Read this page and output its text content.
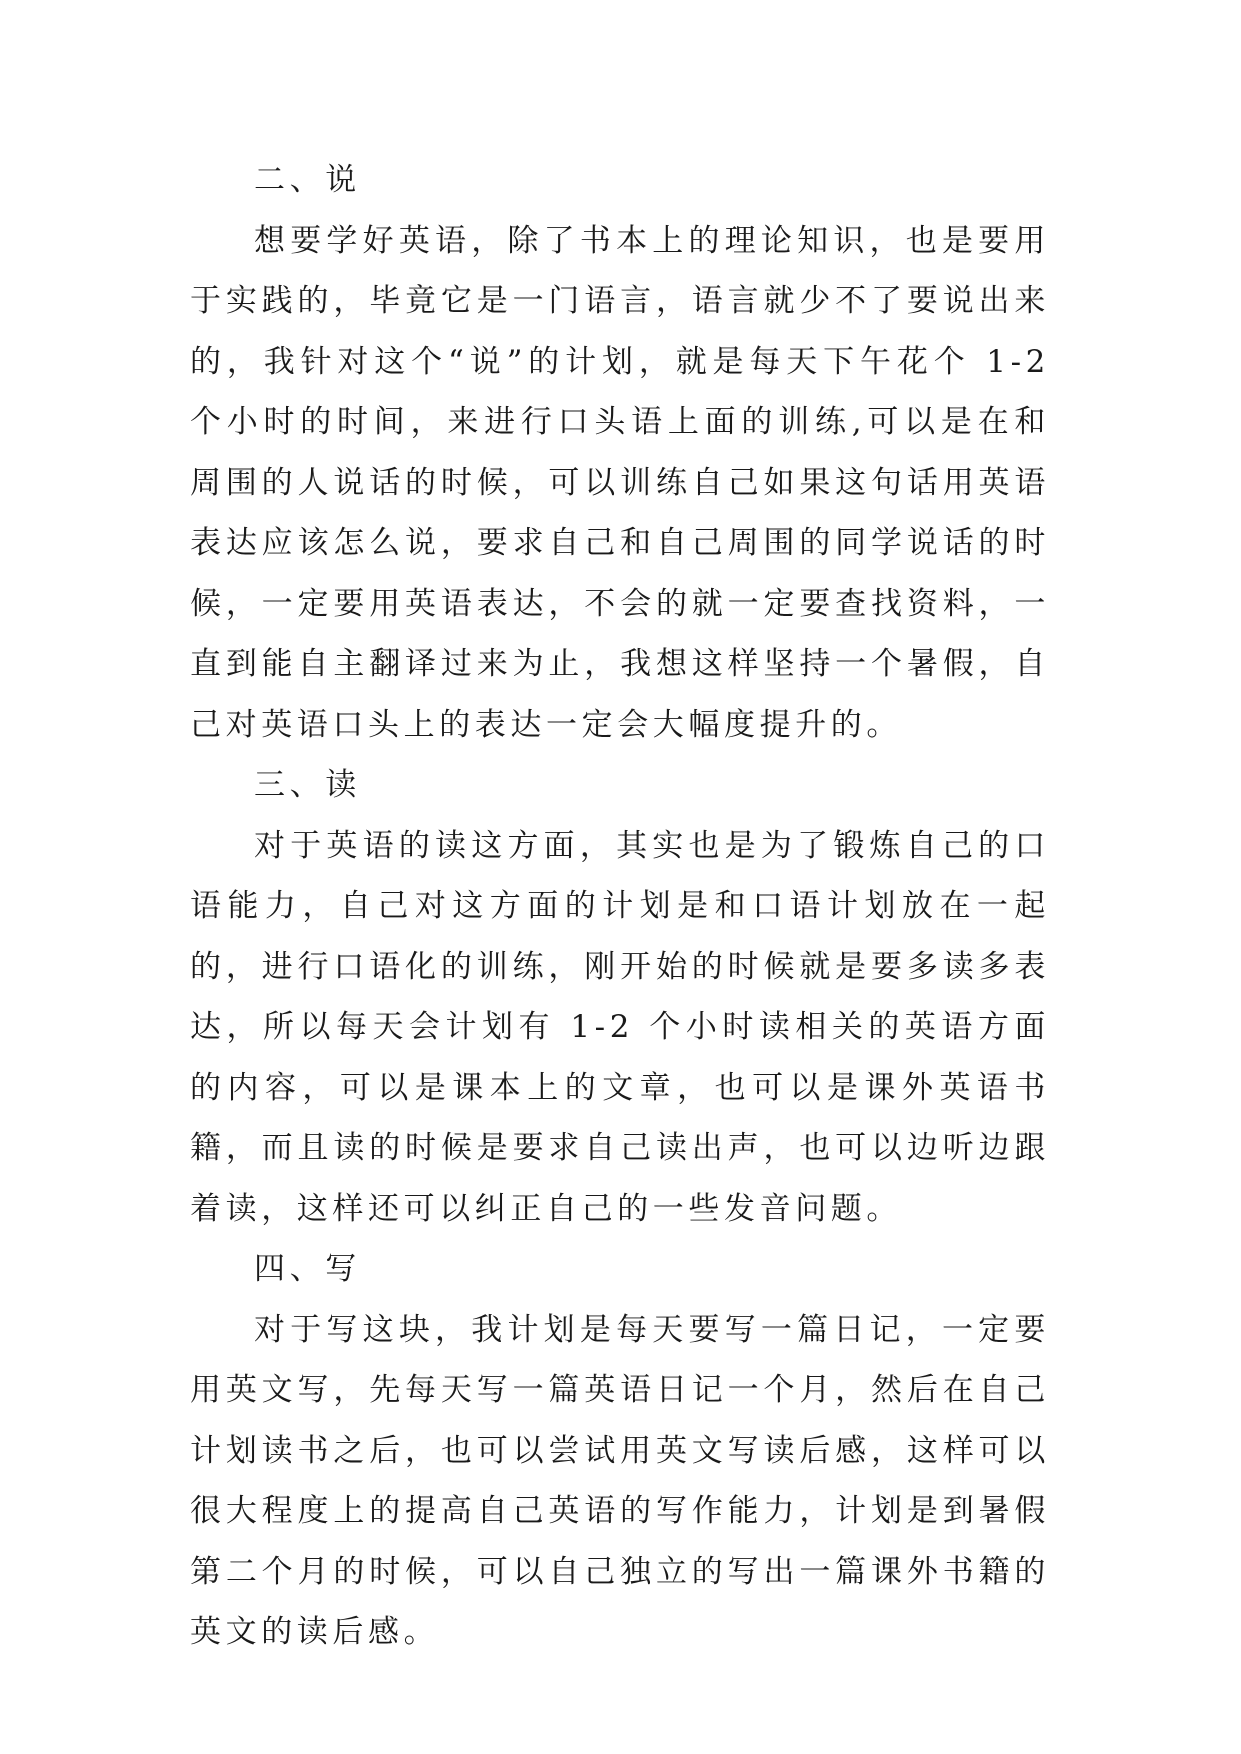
二、说

想要学好英语，除了书本上的理论知识，也是要用于实践的，毕竟它是一门语言，语言就少不了要说出来的，我针对这个“说”的计划，就是每天下午花个 1-2 个小时的时间，来进行口头语上面的训练,可以是在和周围的人说话的时候，可以训练自己如果这句话用英语表达应该怎么说，要求自己和自己周围的同学说话的时候，一定要用英语表达，不会的就一定要查找资料，一直到能自主翻译过来为止，我想这样坚持一个暑假，自己对英语口头上的表达一定会大幅度提升的。

三、读

对于英语的读这方面，其实也是为了锻炼自己的口语能力，自己对这方面的计划是和口语计划放在一起的，进行口语化的训练，刚开始的时候就是要多读多表达，所以每天会计划有 1-2 个小时读相关的英语方面的内容，可以是课本上的文章，也可以是课外英语书籍，而且读的时候是要求自己读出声，也可以边听边跟着读，这样还可以纠正自己的一些发音问题。

四、写

对于写这块，我计划是每天要写一篇日记，一定要用英文写，先每天写一篇英语日记一个月，然后在自己计划读书之后，也可以尝试用英文写读后感，这样可以很大程度上的提高自己英语的写作能力，计划是到暑假第二个月的时候，可以自己独立的写出一篇课外书籍的英文的读后感。
